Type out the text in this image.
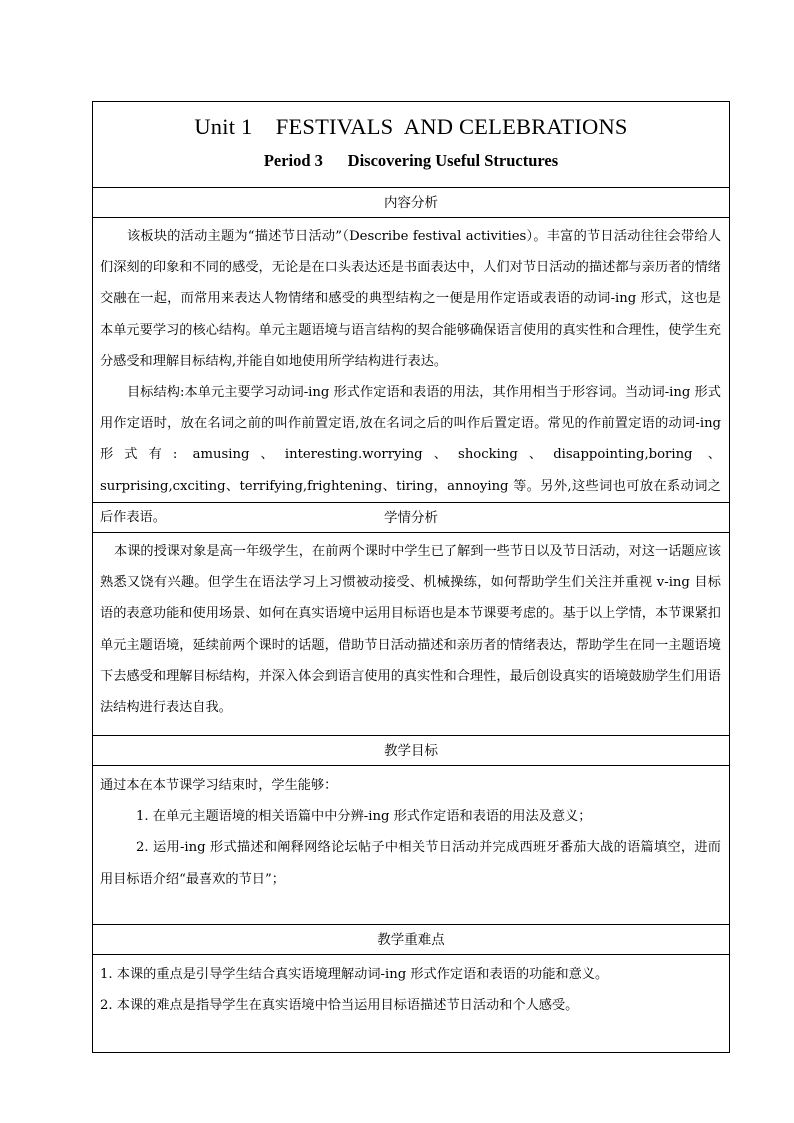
Unit 1    FESTIVALS  AND CELEBRATIONS
Period 3      Discovering Useful Structures
内容分析

该板块的活动主题为“描述节日活动”（Describe festival activities）。丰富的节日活动往往会带给人们深刻的印象和不同的感受，无论是在口头表达还是书面表达中，人们对节日活动的描述都与亲历者的情绪交融在一起，而常用来表达人物情绪和感受的典型结构之一便是用作定语或表语的动词-ing 形式，这也是本单元要学习的核心结构。单元主题语境与语言结构的契合能够确保语言使用的真实性和合理性，使学生充分感受和理解目标结构,并能自如地使用所学结构进行表达。

目标结构:本单元主要学习动词-ing 形式作定语和表语的用法，其作用相当于形容词。当动词-ing 形式用作定语时，放在名词之前的叫作前置定语,放在名词之后的叫作后置定语。常见的作前置定语的动词-ing 形式有: amusing、interesting.worrying、shocking、disappointing,boring 、surprising,cxciting、terrifying,frightening、tiring，annoying 等。另外,这些词也可放在系动词之后作表语。	学情分析

本课的授课对象是高一年级学生，在前两个课时中学生已了解到一些节日以及节日活动，对这一话题应该熟悉又饶有兴趣。但学生在语法学习上习惯被动接受、机械操练，如何帮助学生们关注并重视 v-ing 目标语的表意功能和使用场景、如何在真实语境中运用目标语也是本节课要考虑的。基于以上学情，本节课紧扣单元主题语境，延续前两个课时的话题，借助节日活动描述和亲历者的情绪表达，帮助学生在同一主题语境下去感受和理解目标结构，并深入体会到语言使用的真实性和合理性，最后创设真实的语境鼓励学生们用语法结构进行表达自我。

教学目标

通过本在本节课学习结束时，学生能够：

1. 在单元主题语境的相关语篇中中分辨-ing 形式作定语和表语的用法及意义；

2. 运用-ing 形式描述和阐释网络论坛帖子中相关节日活动并完成西班牙番茄大战的语篇填空，进而用目标语介绍“最喜欢的节日”；

教学重难点

1. 本课的重点是引导学生结合真实语境理解动词-ing 形式作定语和表语的功能和意义。

2. 本课的难点是指导学生在真实语境中恰当运用目标语描述节日活动和个人感受。
